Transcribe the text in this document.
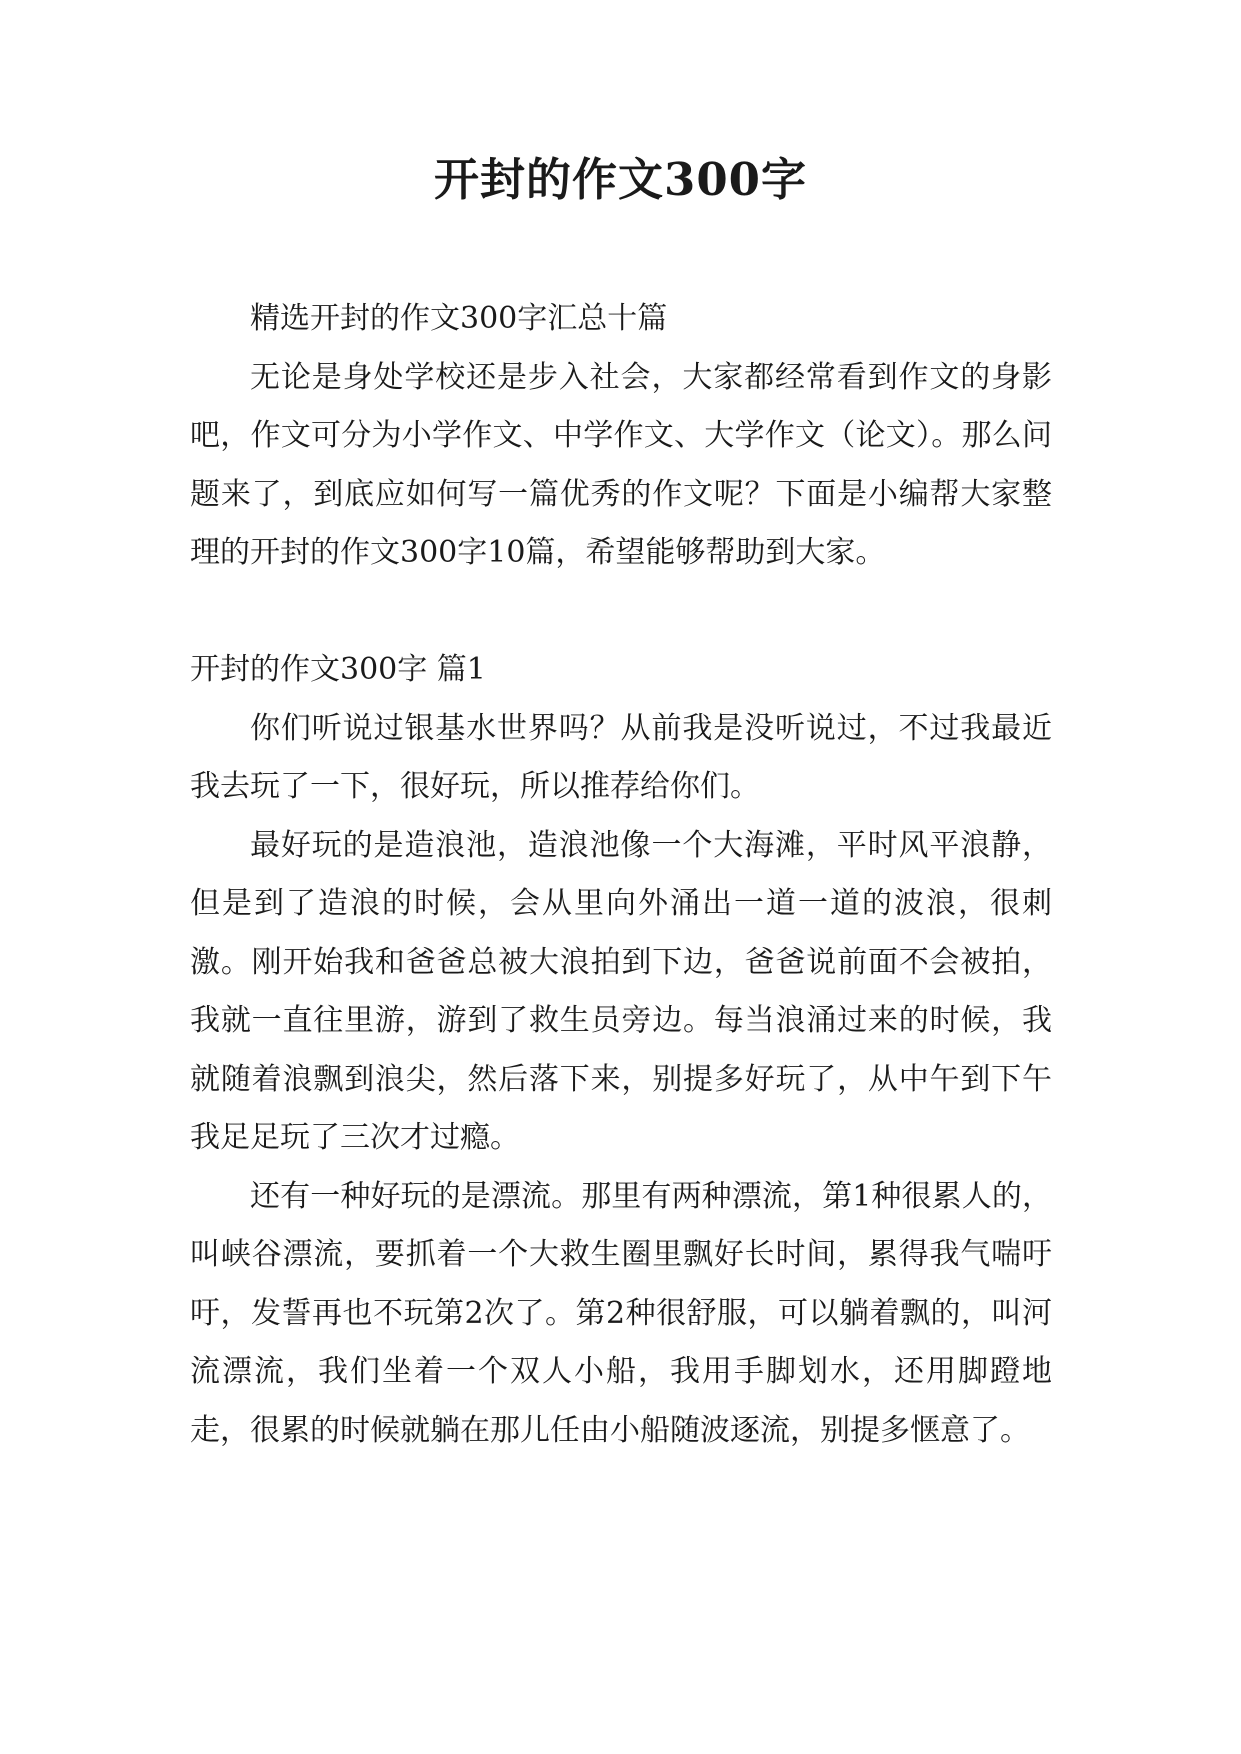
开封的作文300字

精选开封的作文300字汇总十篇

无论是身处学校还是步入社会，大家都经常看到作文的身影吧，作文可分为小学作文、中学作文、大学作文（论文）。那么问题来了，到底应如何写一篇优秀的作文呢？下面是小编帮大家整理的开封的作文300字10篇，希望能够帮助到大家。

开封的作文300字 篇1

你们听说过银基水世界吗？从前我是没听说过，不过我最近我去玩了一下，很好玩，所以推荐给你们。

最好玩的是造浪池，造浪池像一个大海滩，平时风平浪静，但是到了造浪的时候，会从里向外涌出一道一道的波浪，很刺激。刚开始我和爸爸总被大浪拍到下边，爸爸说前面不会被拍，我就一直往里游，游到了救生员旁边。每当浪涌过来的时候，我就随着浪飘到浪尖，然后落下来，别提多好玩了，从中午到下午我足足玩了三次才过瘾。

还有一种好玩的是漂流。那里有两种漂流，第1种很累人的，叫峡谷漂流，要抓着一个大救生圈里飘好长时间，累得我气喘吁吁，发誓再也不玩第2次了。第2种很舒服，可以躺着飘的，叫河流漂流，我们坐着一个双人小船，我用手脚划水，还用脚蹬地走，很累的时候就躺在那儿任由小船随波逐流，别提多惬意了。
